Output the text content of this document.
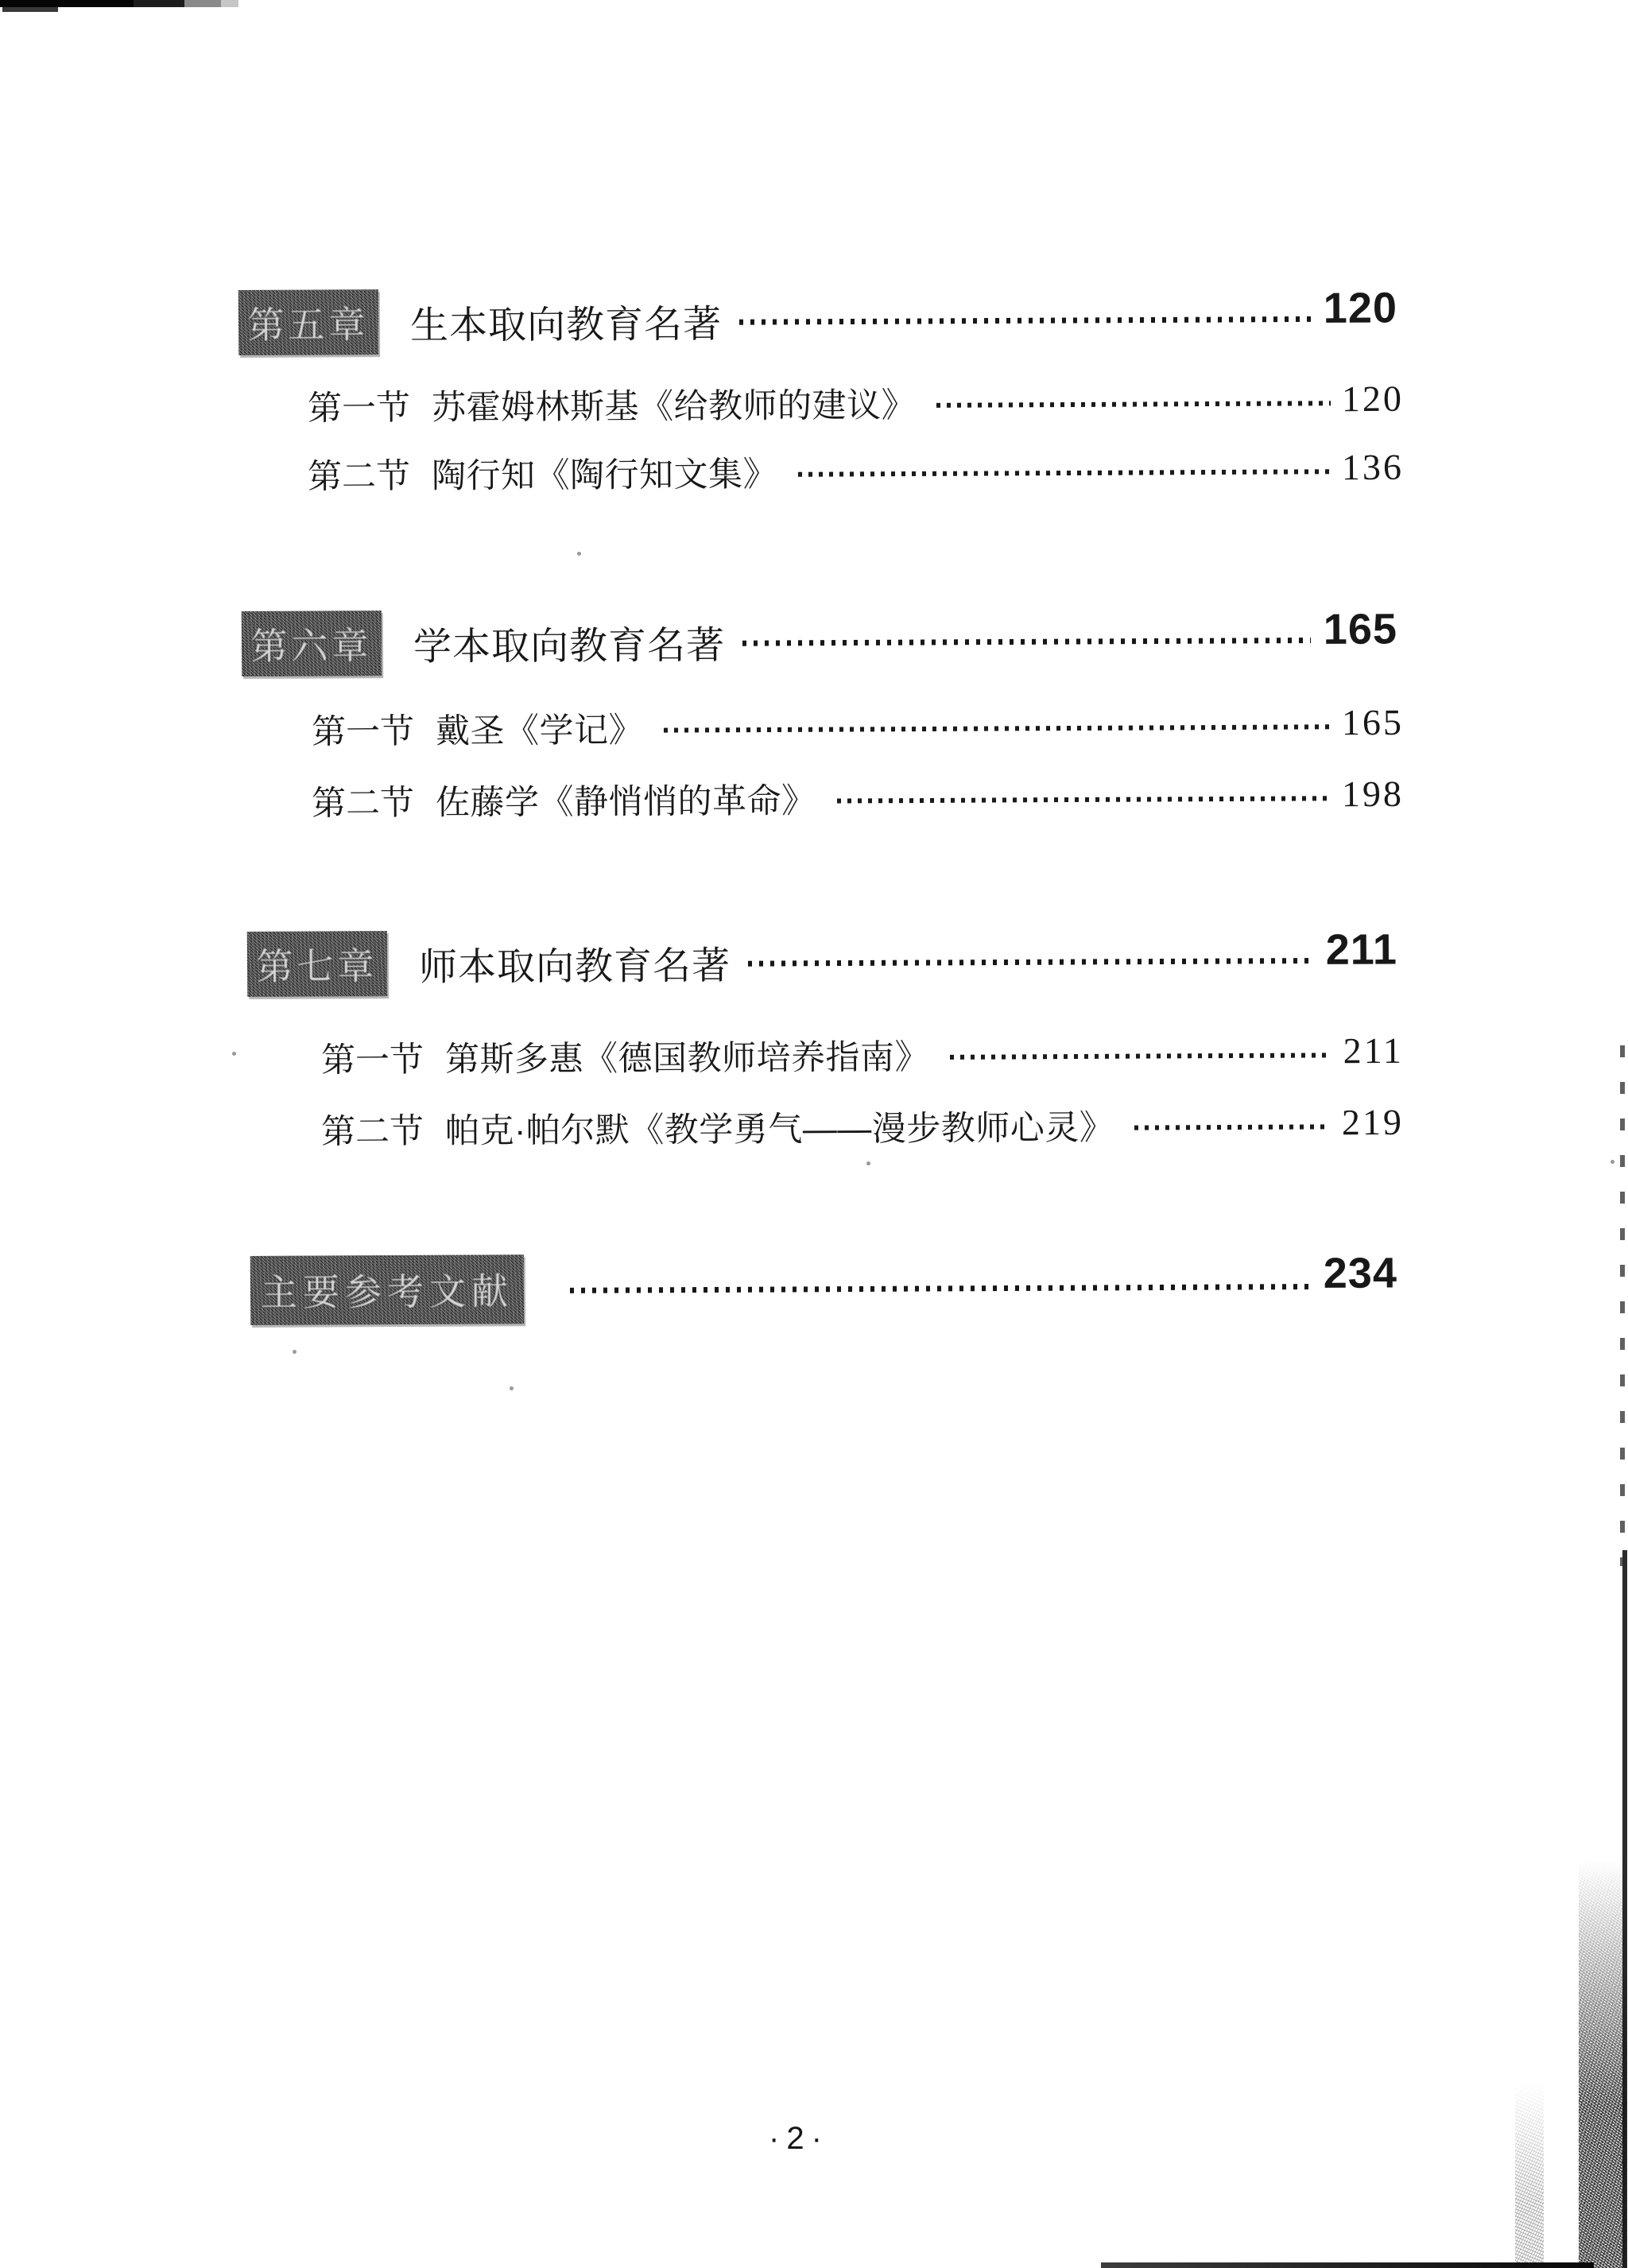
第五章 生本取向教育名著	120
第一节 苏霍姆林斯基《给教师的建议》	120
第二节 陶行知《陶行知文集》	136
第六章 学本取向教育名著	165
第一节 戴圣《学记》	165
第二节 佐藤学《静悄悄的革命》	198
第七章 师本取向教育名著	211
第一节 第斯多惠《德国教师培养指南》	211
第二节 帕克·帕尔默《教学勇气——漫步教师心灵》	219
主要参考文献	234
·2·
